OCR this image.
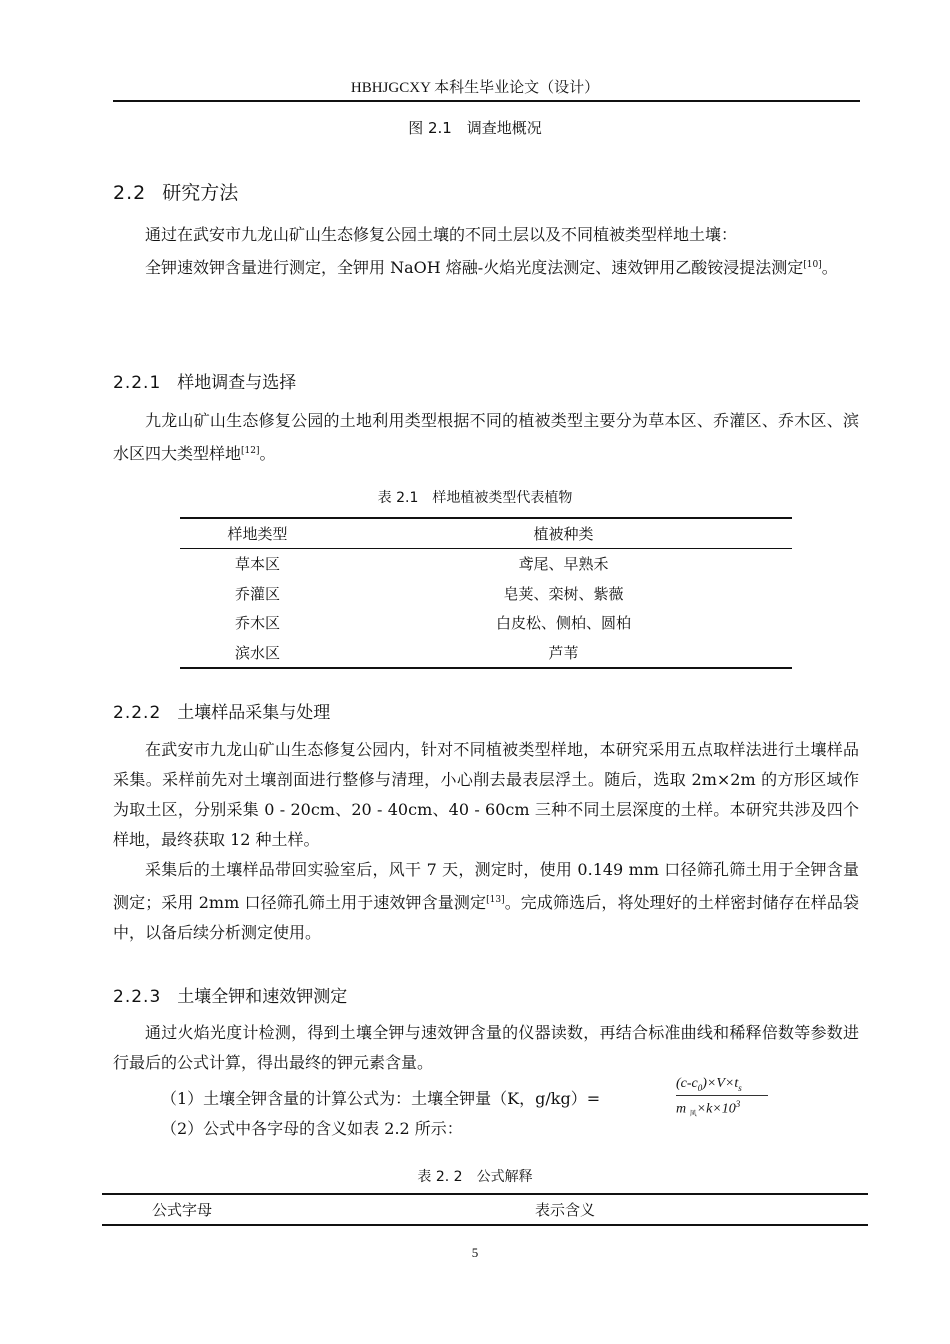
HBHJGCXY 本科生毕业论文（设计）
图 2.1　调查地概况
2.2 研究方法

通过在武安市九龙山矿山生态修复公园土壤的不同土层以及不同植被类型样地土壤：

全钾速效钾含量进行测定，全钾用 NaOH 熔融-火焰光度法测定、速效钾用乙酸铵浸提法测定[10]。

2.2.1 样地调查与选择

九龙山矿山生态修复公园的土地利用类型根据不同的植被类型主要分为草本区、乔灌区、乔木区、滨水区四大类型样地[12]。

表 2.1　样地植被类型代表植物
样地类型	植被种类
草本区	鸢尾、早熟禾
乔灌区	皂荚、栾树、紫薇
乔木区	白皮松、侧柏、圆柏
滨水区	芦苇
2.2.2 土壤样品采集与处理

在武安市九龙山矿山生态修复公园内，针对不同植被类型样地，本研究采用五点取样法进行土壤样品采集。采样前先对土壤剖面进行整修与清理，小心削去最表层浮土。随后，选取 2m×2m 的方形区域作为取土区，分别采集 0 - 20cm、20 - 40cm、40 - 60cm 三种不同土层深度的土样。本研究共涉及四个样地，最终获取 12 种土样。

采集后的土壤样品带回实验室后，风干 7 天，测定时，使用 0.149 mm 口径筛孔筛土用于全钾含量测定；采用 2mm 口径筛孔筛土用于速效钾含量测定[13]。完成筛选后，将处理好的土样密封储存在样品袋中，以备后续分析测定使用。

2.2.3 土壤全钾和速效钾测定

通过火焰光度计检测，得到土壤全钾与速效钾含量的仪器读数，再结合标准曲线和稀释倍数等参数进行最后的公式计算，得出最终的钾元素含量。

（1）土壤全钾含量的计算公式为：土壤全钾量（K，g/kg）=

（2）公式中各字母的含义如表 2.2 所示：

$(c-c_0)\times V\times t_s$
m $_风\times k\times 10^3$
表 2. 2　公式解释
公式字母	表示含义
5
